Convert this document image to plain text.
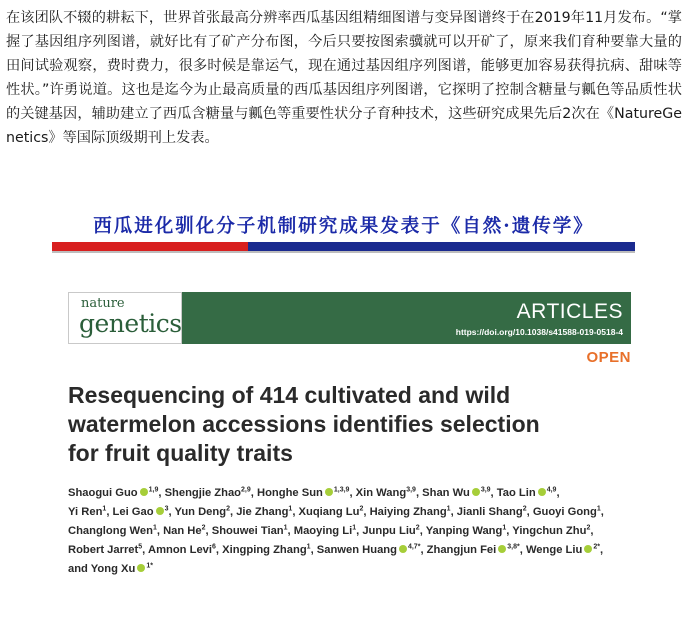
在该团队不辍的耕耘下，世界首张最高分辨率西瓜基因组精细图谱与变异图谱终于在2019年11月发布。“掌握了基因组序列图谱，就好比有了矿产分布图，今后只要按图索骥就可以开矿了，原来我们育种要靠大量的田间试验观察，费时费力，很多时候是靠运气，现在通过基因组序列图谱，能够更加容易获得抗病、甜味等性状。”许勇说道。这也是迄今为止最高质量的西瓜基因组序列图谱，它探明了控制含糖量与瓤色等品质性状的关键基因，辅助建立了西瓜含糖量与瓤色等重要性状分子育种技术，这些研究成果先后2次在《NatureGenetics》等国际顶级期刊上发表。
西瓜进化驯化分子机制研究成果发表于《自然·遗传学》
nature
genetics	ARTICLES
https://doi.org/10.1038/s41588-019-0518-4
OPEN
Resequencing of 414 cultivated and wild
watermelon accessions identifies selection
for fruit quality traits
Shaogui Guo $^{1,9}$, Shengjie Zhao$^{2,9}$, Honghe Sun $^{1,3,9}$, Xin Wang$^{3,9}$, Shan Wu $^{3,9}$, Tao Lin $^{4,9}$,
Yi Ren$^1$, Lei Gao $^3$, Yun Deng$^2$, Jie Zhang$^1$, Xuqiang Lu$^2$, Haiying Zhang$^1$, Jianli Shang$^2$, Guoyi Gong$^1$,
Changlong Wen$^1$, Nan He$^2$, Shouwei Tian$^1$, Maoying Li$^1$, Junpu Liu$^2$, Yanping Wang$^1$, Yingchun Zhu$^2$,
Robert Jarret$^5$, Amnon Levi$^6$, Xingping Zhang$^1$, Sanwen Huang $^{4,7*}$, Zhangjun Fei $^{3,8*}$, Wenge Liu $^{2*}$,
and Yong Xu $^{1*}$
